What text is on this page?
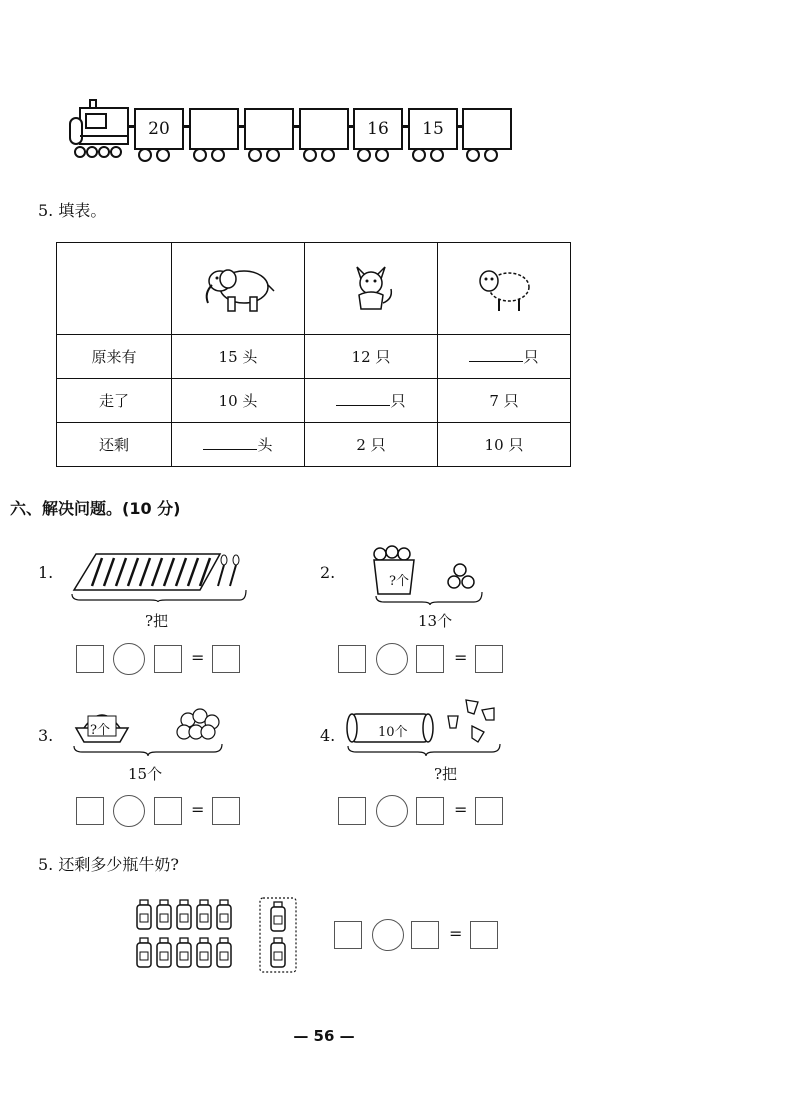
20	16 15
5. 填表。

原来有	15 头	12 只	只
走了	10 头	只	7 只
还剩	头	2 只	10 只
六、解决问题。(10 分)
1.
?把
=
2.	?个
13个
=
3.	?个
15个
=
4.	10个
?把
=
5. 还剩多少瓶牛奶?
=
— 56 —
